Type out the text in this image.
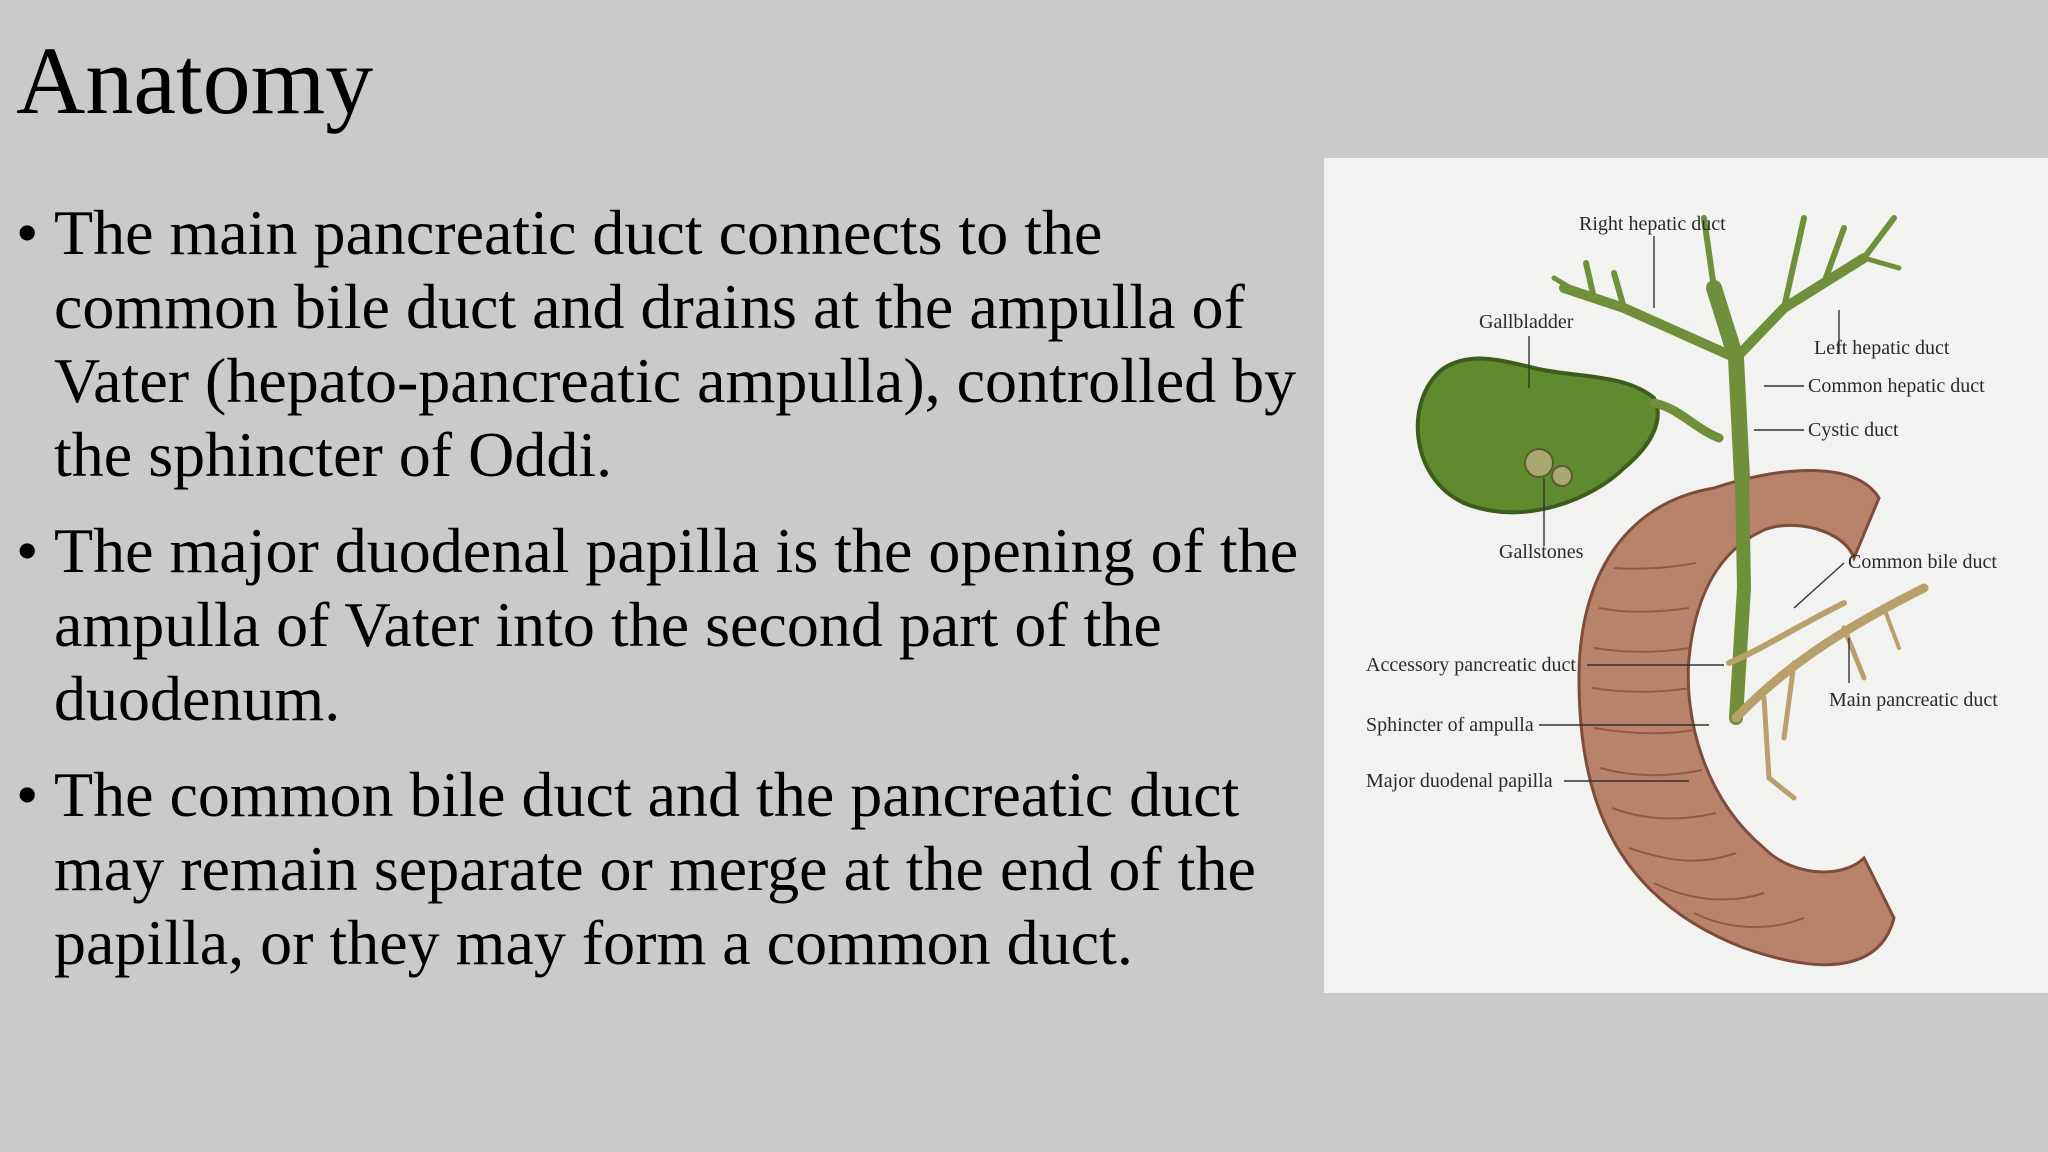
Anatomy
• The main pancreatic duct connects to the common bile duct and drains at the ampulla of Vater (hepato-pancreatic ampulla), controlled by the sphincter of Oddi.
• The major duodenal papilla is the opening of the ampulla of Vater into the second part of the duodenum.
• The common bile duct and the pancreatic duct may remain separate or merge at the end of the papilla, or they may form a common duct.
Right hepatic duct
Gallbladder
Left hepatic duct
Common hepatic duct
Cystic duct
Gallstones	Common bile duct
Accessory pancreatic duct
Main pancreatic duct
Sphincter of ampulla
Major duodenal papilla
